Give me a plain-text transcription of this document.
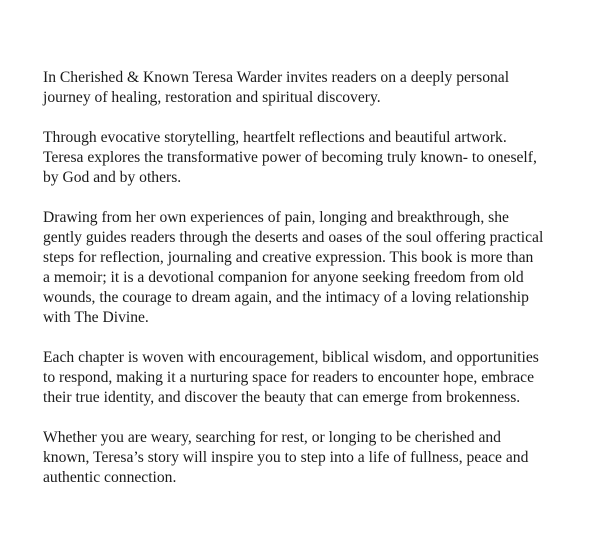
In Cherished & Known Teresa Warder invites readers on a deeply personal
journey of healing, restoration and spiritual discovery.

Through evocative storytelling, heartfelt reflections and beautiful artwork.
Teresa explores the transformative power of becoming truly known- to oneself,
by God and by others.

Drawing from her own experiences of pain, longing and breakthrough, she
gently guides readers through the deserts and oases of the soul offering practical
steps for reflection, journaling and creative expression. This book is more than
a memoir; it is a devotional companion for anyone seeking freedom from old
wounds, the courage to dream again, and the intimacy of a loving relationship
with The Divine.

Each chapter is woven with encouragement, biblical wisdom, and opportunities
to respond, making it a nurturing space for readers to encounter hope, embrace
their true identity, and discover the beauty that can emerge from brokenness.

Whether you are weary, searching for rest, or longing to be cherished and
known, Teresa’s story will inspire you to step into a life of fullness, peace and
authentic connection.
